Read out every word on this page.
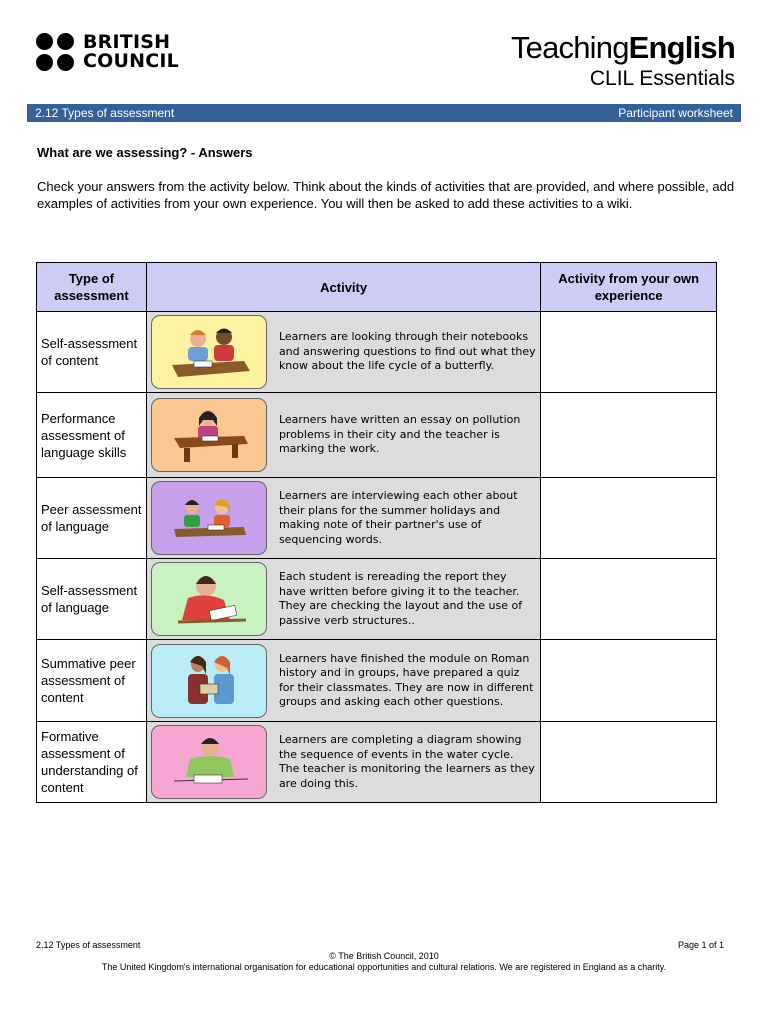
BRITISH
COUNCIL	TeachingEnglish
CLIL Essentials
2.12 Types of assessment	Participant worksheet
What are we assessing? - Answers
Check your answers from the activity below. Think about the kinds of activities that are provided, and where possible, add examples of activities from your own experience. You will then be asked to add these activities to a wiki.
Type of assessment	Activity	Activity from your own experience
Self-assessment of content	Learners are looking through their notebooks and answering questions to find out what they know about the life cycle of a butterfly.	

Performance assessment of language skills	Learners have written an essay on pollution problems in their city and the teacher is marking the work.	

Peer assessment of language	Learners are interviewing each other about their plans for the summer holidays and making note of their partner's use of sequencing words.	

Self-assessment of language	Each student is rereading the report they have written before giving it to the teacher. They are checking the layout and the use of passive verb structures..	

Summative peer assessment of content	Learners have finished the module on Roman history and in groups, have prepared a quiz for their classmates. They are now in different groups and asking each other questions.	

Formative assessment of understanding of content	Learners are completing a diagram showing the sequence of events in the water cycle. The teacher is monitoring the learners as they are doing this.	

2.12 Types of assessment	Page 1 of 1
© The British Council, 2010
The United Kingdom's international organisation for educational opportunities and cultural relations. We are registered in England as a charity.
